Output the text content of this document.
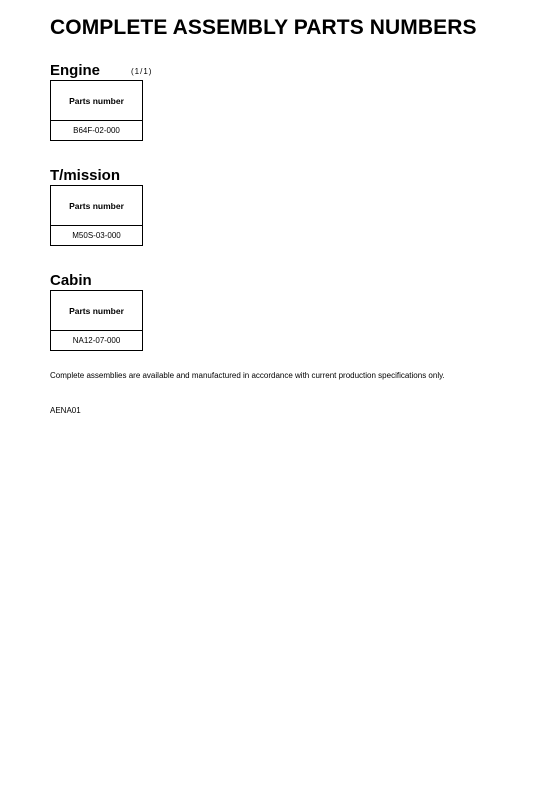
COMPLETE ASSEMBLY PARTS NUMBERS
Engine	(1/1)
Parts number
B64F-02-000
T/mission
Parts number
M50S-03-000
Cabin
Parts number
NA12-07-000
Complete assemblies are available and manufactured in accordance with current production specifications only.
AENA01
